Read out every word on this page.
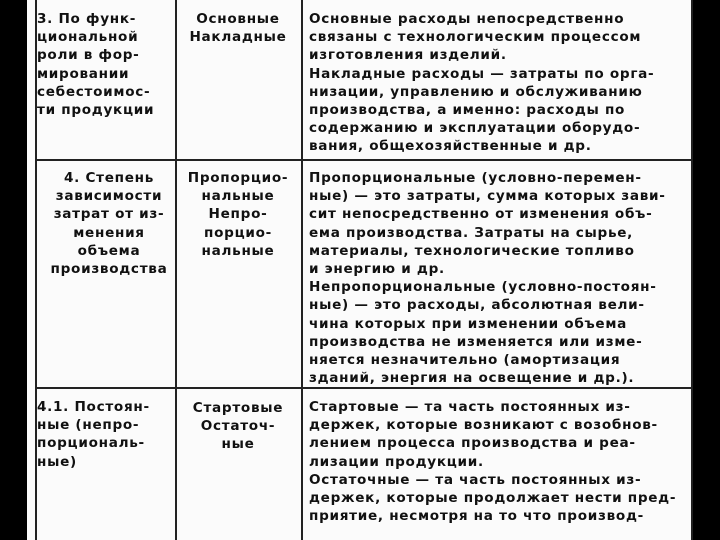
3. По функ-
циональной
роли в фор-
мировании
себестоимос-
ти продукции
Основные
Накладные
Основные расходы непосредственно
связаны с технологическим процессом
изготовления изделий.
Накладные расходы — затраты по орга-
низации, управлению и обслуживанию
производства, а именно: расходы по
содержанию и эксплуатации оборудо-
вания, общехозяйственные и др.
4. Степень
зависимости
затрат от из-
менения
объема
производства
Пропорцио-
нальные
Непро-
порцио-
нальные
Пропорциональные (условно-перемен-
ные) — это затраты, сумма которых зави-
сит непосредственно от изменения объ-
ема производства. Затраты на сырье,
материалы, технологические топливо
и энергию и др.
Непропорциональные (условно-постоян-
ные) — это расходы, абсолютная вели-
чина которых при изменении объема
производства не изменяется или изме-
няется незначительно (амортизация
зданий, энергия на освещение и др.).
4.1. Постоян-
ные (непро-
порциональ-
ные)
Стартовые
Остаточ-
ные
Стартовые — та часть постоянных из-
держек, которые возникают с возобнов-
лением процесса производства и реа-
лизации продукции.
Остаточные — та часть постоянных из-
держек, которые продолжает нести пред-
приятие, несмотря на то что производ-
